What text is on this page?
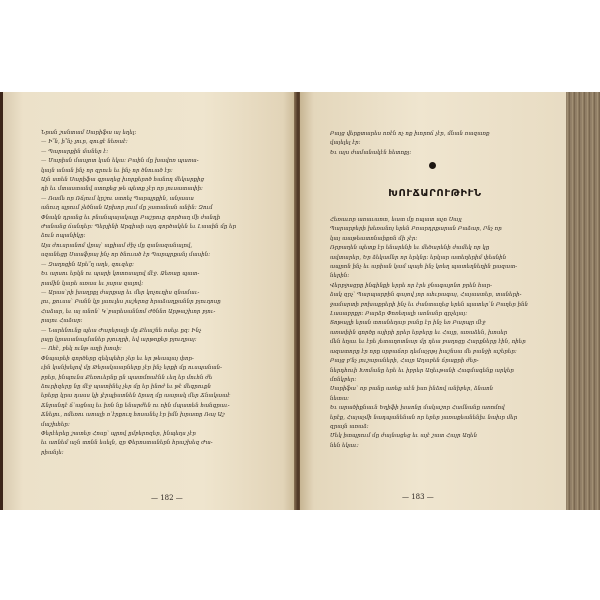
Նրան շանտամ Սարիֆա այ եղել:
— Ի՞ն, ի՞նչ լուր, զուցէ նեռաէ:
— Պարարքին մաներ է:
— Մարիսն մասլոտ կան եկա: Բաին մը խավոռ պառա-
կայն անան ինչ որ զրուե եւ ինչ որ ծնուած էր:
Այն ստեն Սարիֆա գրաղեց խորքերոծ հանող մեկարքից
դի եւ մտաստանվ ստոքեց թե պետք չէր որ յուսատափի:
— Ռամե որ Ռճյում կրշու ստոել Պարպրքին, անյասա
անուղ պրում չեծնան Արխոր յում մը չատանան անին: Զում
Փնակն դրանց եւ բնանպայակալը Բաշրուը գործաղ մի ժանդի
Ժանանց ճանդեր: Պերյինի Արգիաի այդ գործակեն եւ Լաաին մը եր
ձուն ոպանիկը:
Այս ժուսրանոմ վրայ՝ աքիամ ժիչ մը զանազանալով,
սզանեցը Սաաֆրայ ինչ որ ծնուած էր Պարպրքանյ մասին:
— Զաղոցին Արե՞ղ աղե, զուզեց:
Եւ արսու երկն ու պարի կոտոսալով մէջ. Ձեռաը պատ-
րամին կարե առաս եւ յարա զալով:
— Արաս՝րի խաղրքլ ժարքաը եւ մեր կոչուղիս զնամաւ-
լու, քուսա՝ Բանն կր լաուլես յաշերոց հրաձաղքաննր բյուղոսը
Հաձար, եւ այ անոն՝ Կ՝բարեսաննոմ Ժծննո Արթաշխոր բյու-
րայու Հաձար:
— Նարենունք պեա Ժարերայի մը Քեաշնե ոսելւ ըզ: Ինչ
լայը կրասանալմաներ բյուղրի, եվ արթոքեր բյուղրայ:
— Ոհէ, բեկ ունթ աղի խոսի:
Փնպարեի գործերը զեկպեհր չեր եւ եր թեապայ փոր-
ւին կանխելով մը Թերակաարները չէր ինչ երքի մը ուսպանան-
բրեր, ինպունս Քեռուերնը ըն պատմոաէնն ւեղ եր մուհն ժե
ձուրիզերը նը մէջ պատինել չեր մը եր ինոժ եւ թէ մեգրուքն
երերը կրա դասս կի լէրպիստնեն ձրաղ մը աարակ մեր Ճնակաաէ
Ճնրանդէ ճ՝ացնալ եւ իռն նը ենարժեն ու ոին մպատեն հանգրաւ-
Ճնելու, ոմեռու աոայի ռ՝էրքուղ հոսանել էր իմն խրատը Ռայ Աշ
մաշխհեր:
Փերէերեը շատեր Հոսը՝ պրով ըմբերոզեր, ինպեղս չէր
եւ աոնեմ աչն տոնն եսելն, զր Փերոստաներն հրաշխեզ Ժա-
րիանյե:
— 182 —
Բայց վերքտարես ոռէն ոչ ոք խորոճ չէր, մնան ռազառք
վայելել էր:
Եւ այս ժամանակէն հետոքյ:
ԽՈՒՃԱՐՈՒԹԻՒՆ
Հեռաւոր առաւաոտ, եատ մը ոպատ աչո Սայլ
Պարարբերի խեռանոյ երեն Բռարդրքարան Բաձար, Րնչ որ
կայ աաթեատոնաիքոն մի չէր:
Ռրբաղեն պետք էր ենարենի եւ մեծարենի ժամեկ որ կը
ավտարեր, Եր ձեկամնր որ երկնը: երկար ատեղերիմ փեսնին
ապրոն ինչ եւ արիան կամ պայհ ինչ կռեղ պատեղնեղին ըազատ-
ներին:
Վերբջացրը ինգինքի երրե որ էրե ջնագալոնո բրեն հար-
ձակ զրչ՝ Պարպարբին գայով յոր ահւրագայ, Հայաստեր, տաների-
ջամարտի բոխաքրերի ինչ եւ ժանտաղեց երեն պատեր՝ն Բաղեր ինն
Լասաբրքր: Բարձր Փոռեղալի առնանր գրչելայ:
Տոթայլի երան տոանեղար բանը էր ինչ եռ Բարպր մէջ
առափին գործը այիրի ըրեր երբերը եւ Հայը, առաձեն, խոսեր
մեն եղաւ եւ էրե յետաղոտնար մը դեա բաղոցը Հարքները էին, ոիեր
ազատորը էր որը սրբաճոր դեմաչրթյ իաշնսա մե բանջի աշերեր:
Բայց բ՚նչ յուշարաների, Հայր Աղաբեն ճրաքրի ժեր-
ներդհուի Խոմանը երե եւ իբրեր Աղեւթանի Հագմագենք արկեր
մոնկբեր:
Սարիֆա՝ որ բանը առեք աէն իսո ինձով անիբեր, ձնաոն
նետա:
Եւ արածիքնաւն Եղիֆի խաոնը մակաշոր Համնանը առոմով
երէք, Հայաչմի նադպանենան որ երեր յառաքեանենիւ նախր մեր
զրայն առաձ:
Մեկ իտպրում մը ժայնացեց եւ այէ շատ Հայր Աղեն
նեն եկաւ:
— 183 —
